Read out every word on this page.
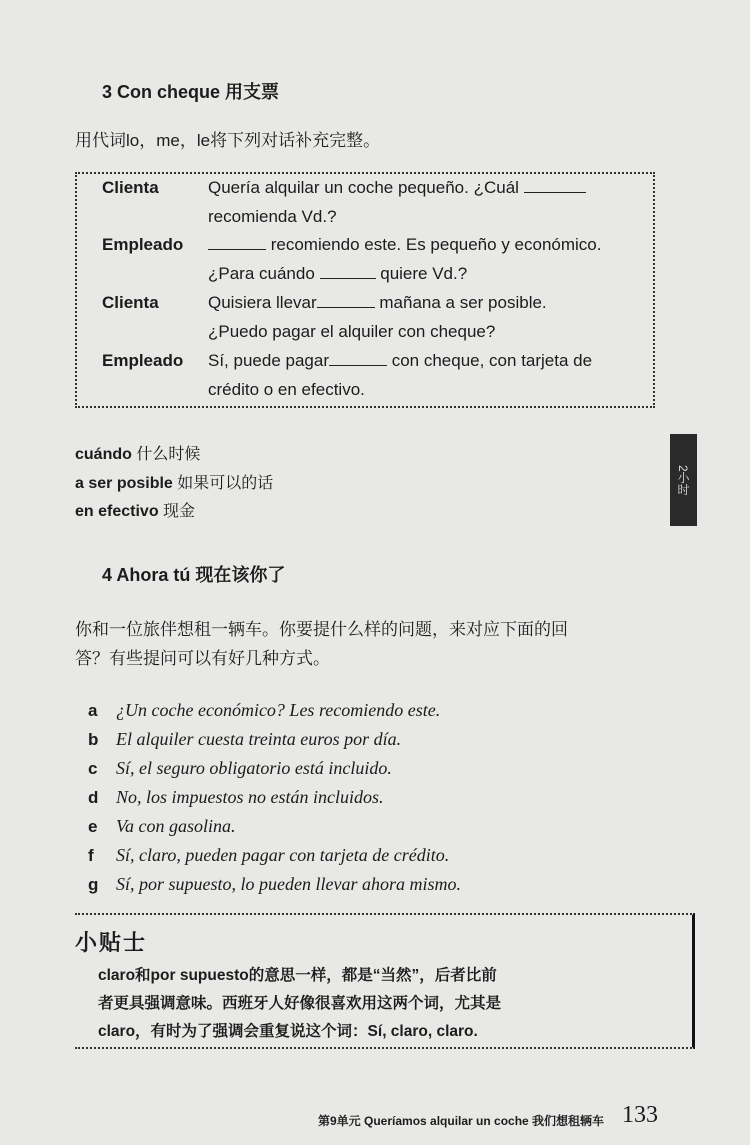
3 Con cheque 用支票
用代词lo，me，le将下列对话补充完整。
Clienta	Quería alquilar un coche pequeño. ¿Cuál
recomienda Vd.?
Empleado	recomiendo este. Es pequeño y económico.
¿Para cuándo	quiere Vd.?
Clienta	Quisiera llevar	mañana a ser posible.
¿Puedo pagar el alquiler con cheque?
Empleado Sí, puede pagar	con cheque, con tarjeta de
crédito o en efectivo.
cuándo 什么时候
a ser posible 如果可以的话
en efectivo 现金
2小时
4 Ahora tú 现在该你了
你和一位旅伴想租一辆车。你要提什么样的问题，来对应下面的回
答？有些提问可以有好几种方式。
a ¿Un coche económico? Les recomiendo este.
b El alquiler cuesta treinta euros por día.
c Sí, el seguro obligatorio está incluido.
d No, los impuestos no están incluidos.
e Va con gasolina.
f Sí, claro, pueden pagar con tarjeta de crédito.
g Sí, por supuesto, lo pueden llevar ahora mismo.
小贴士
claro和por supuesto的意思一样，都是“当然”，后者比前
者更具强调意味。西班牙人好像很喜欢用这两个词，尤其是
claro，有时为了强调会重复说这个词：Sí, claro, claro.
第9单元 Queríamos alquilar un coche 我们想租辆车 133
